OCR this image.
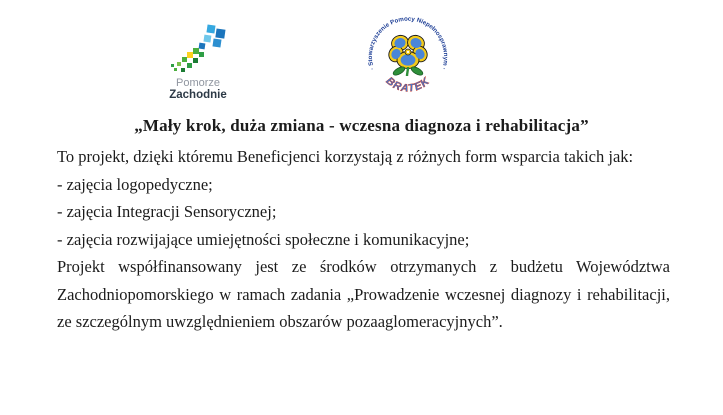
Pomorze
Zachodnie
· Stowarzyszenie Pomocy Niepełnosprawnym ·
BRATEK
„Mały krok, duża zmiana - wczesna diagnoza i rehabilitacja”

To projekt, dzięki któremu Beneficjenci korzystają z różnych form wsparcia takich jak:

- zajęcia logopedyczne;

- zajęcia Integracji Sensorycznej;

- zajęcia rozwijające umiejętności społeczne i komunikacyjne;

Projekt współfinansowany jest ze środków otrzymanych z budżetu Województwa Zachodniopomorskiego w ramach zadania „Prowadzenie wczesnej diagnozy i rehabilitacji, ze szczególnym uwzględnieniem obszarów pozaaglomeracyjnych”.
